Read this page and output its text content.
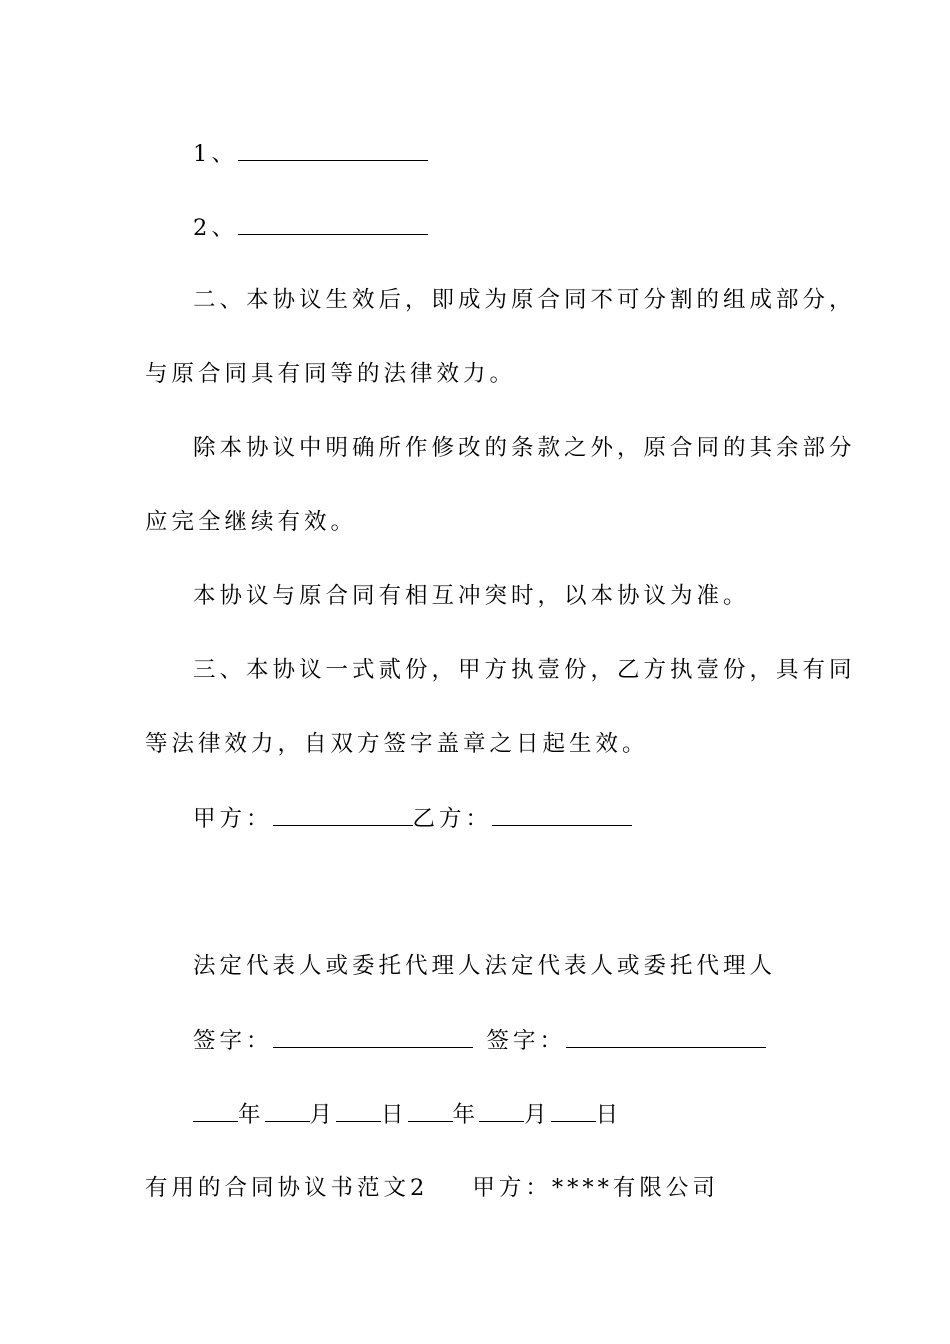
1、
2、
二、本协议生效后，即成为原合同不可分割的组成部分，
与原合同具有同等的法律效力。
除本协议中明确所作修改的条款之外，原合同的其余部分
应完全继续有效。
本协议与原合同有相互冲突时，以本协议为准。
三、本协议一式贰份，甲方执壹份，乙方执壹份，具有同
等法律效力，自双方签字盖章之日起生效。
甲方：	乙方：
法定代表人或委托代理人法定代表人或委托代理人
签字：	签字：
年 月 日 年 月 日
有用的合同协议书范文2 甲方：****有限公司
